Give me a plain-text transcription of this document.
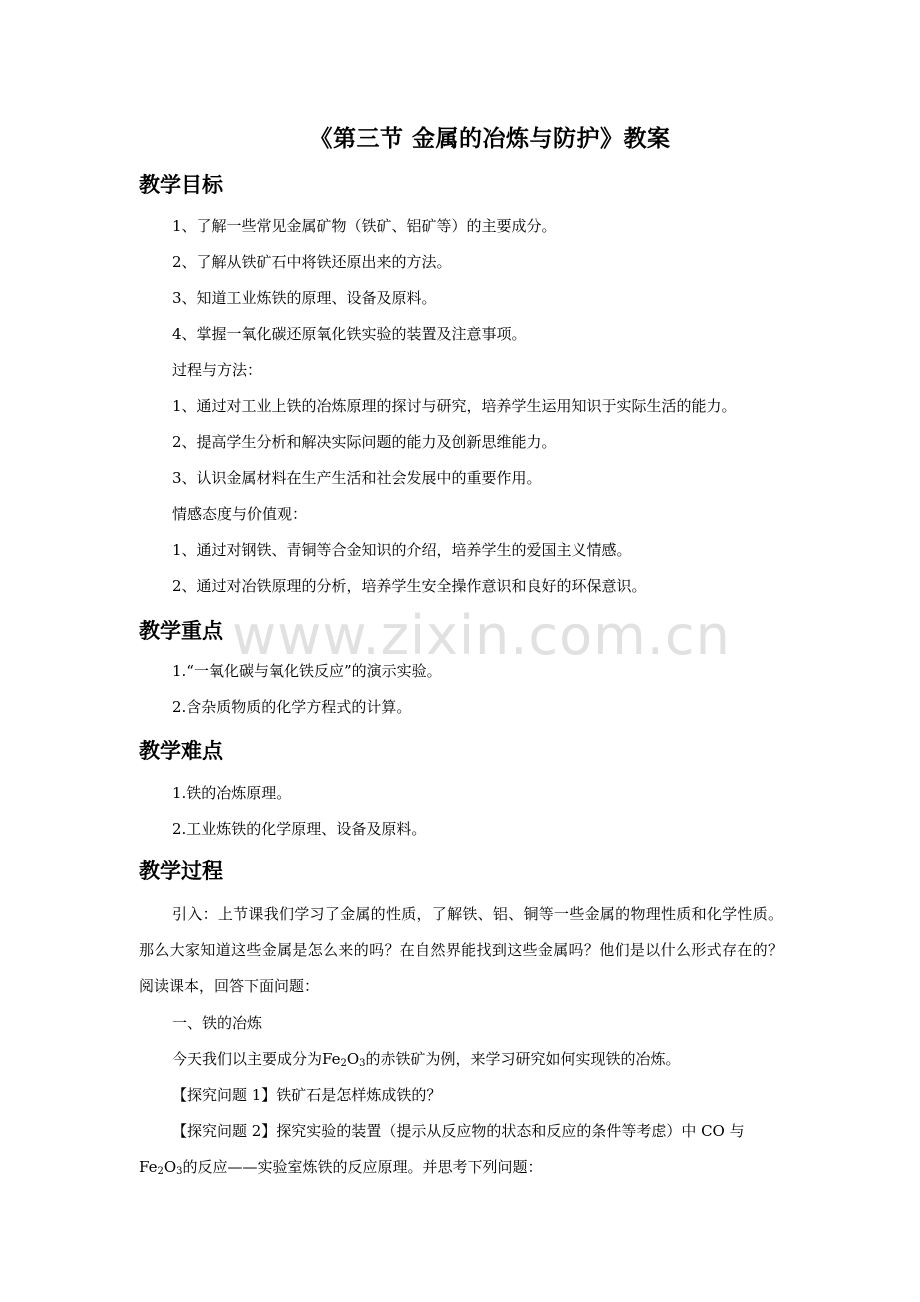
《第三节 金属的冶炼与防护》教案
教学目标
1、了解一些常见金属矿物（铁矿、铝矿等）的主要成分。
2、了解从铁矿石中将铁还原出来的方法。
3、知道工业炼铁的原理、设备及原料。
4、掌握一氧化碳还原氧化铁实验的装置及注意事项。
过程与方法：
1、通过对工业上铁的冶炼原理的探讨与研究，培养学生运用知识于实际生活的能力。
2、提高学生分析和解决实际问题的能力及创新思维能力。
3、认识金属材料在生产生活和社会发展中的重要作用。
情感态度与价值观：
1、通过对钢铁、青铜等合金知识的介绍，培养学生的爱国主义情感。
2、通过对冶铁原理的分析，培养学生安全操作意识和良好的环保意识。
教学重点
1.“一氧化碳与氧化铁反应”的演示实验。
2.含杂质物质的化学方程式的计算。
教学难点
1.铁的冶炼原理。
2.工业炼铁的化学原理、设备及原料。
教学过程
引入：上节课我们学习了金属的性质，了解铁、铝、铜等一些金属的物理性质和化学性质。那么大家知道这些金属是怎么来的吗？在自然界能找到这些金属吗？他们是以什么形式存在的？阅读课本，回答下面问题：
一、铁的冶炼
今天我们以主要成分为$Fe_2O_3$的赤铁矿为例，来学习研究如何实现铁的冶炼。
【探究问题 1】铁矿石是怎样炼成铁的？
【探究问题 2】探究实验的装置（提示从反应物的状态和反应的条件等考虑）中 CO 与
$Fe_2O_3$的反应——实验室炼铁的反应原理。并思考下列问题：
www.zixin.com.cn
